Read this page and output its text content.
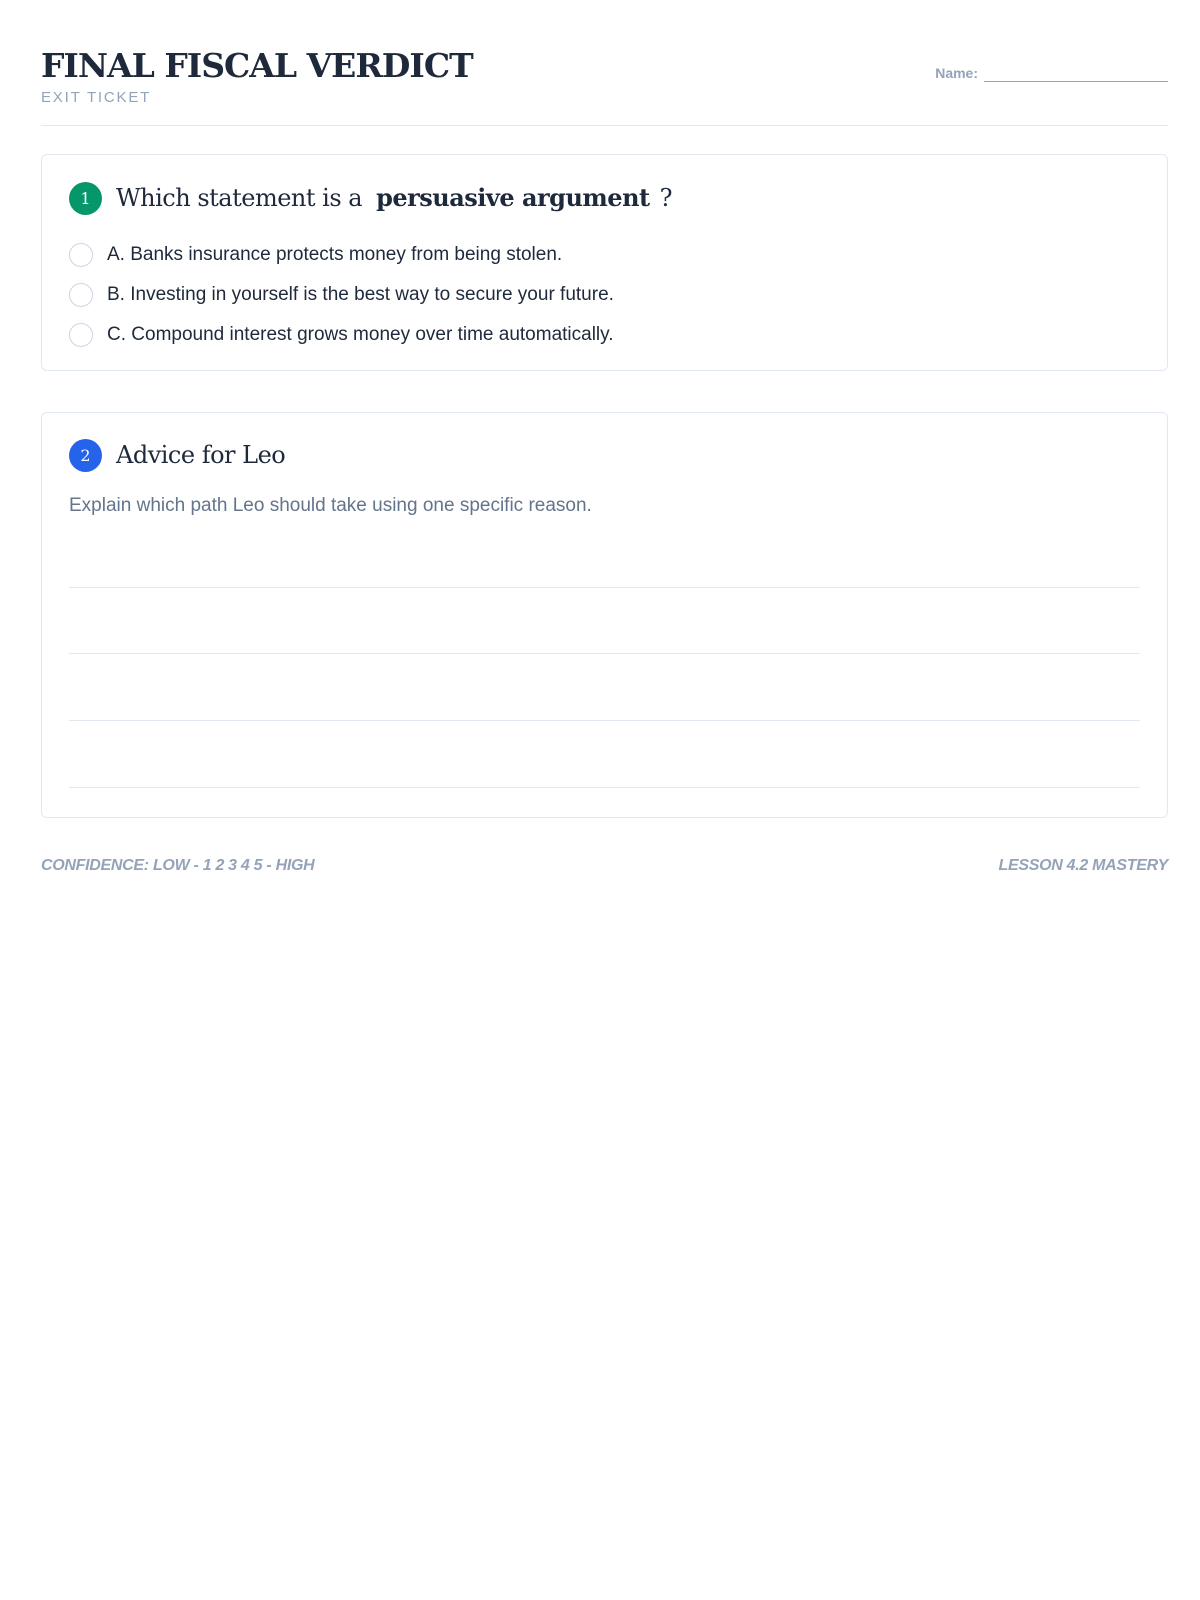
FINAL FISCAL VERDICT
EXIT TICKET
Name:
1	Which statement is a persuasive argument ?
A. Banks insurance protects money from being stolen.
B. Investing in yourself is the best way to secure your future.
C. Compound interest grows money over time automatically.
2	Advice for Leo
Explain which path Leo should take using one specific reason.
CONFIDENCE: LOW - 1 2 3 4 5 - HIGH	LESSON 4.2 MASTERY
